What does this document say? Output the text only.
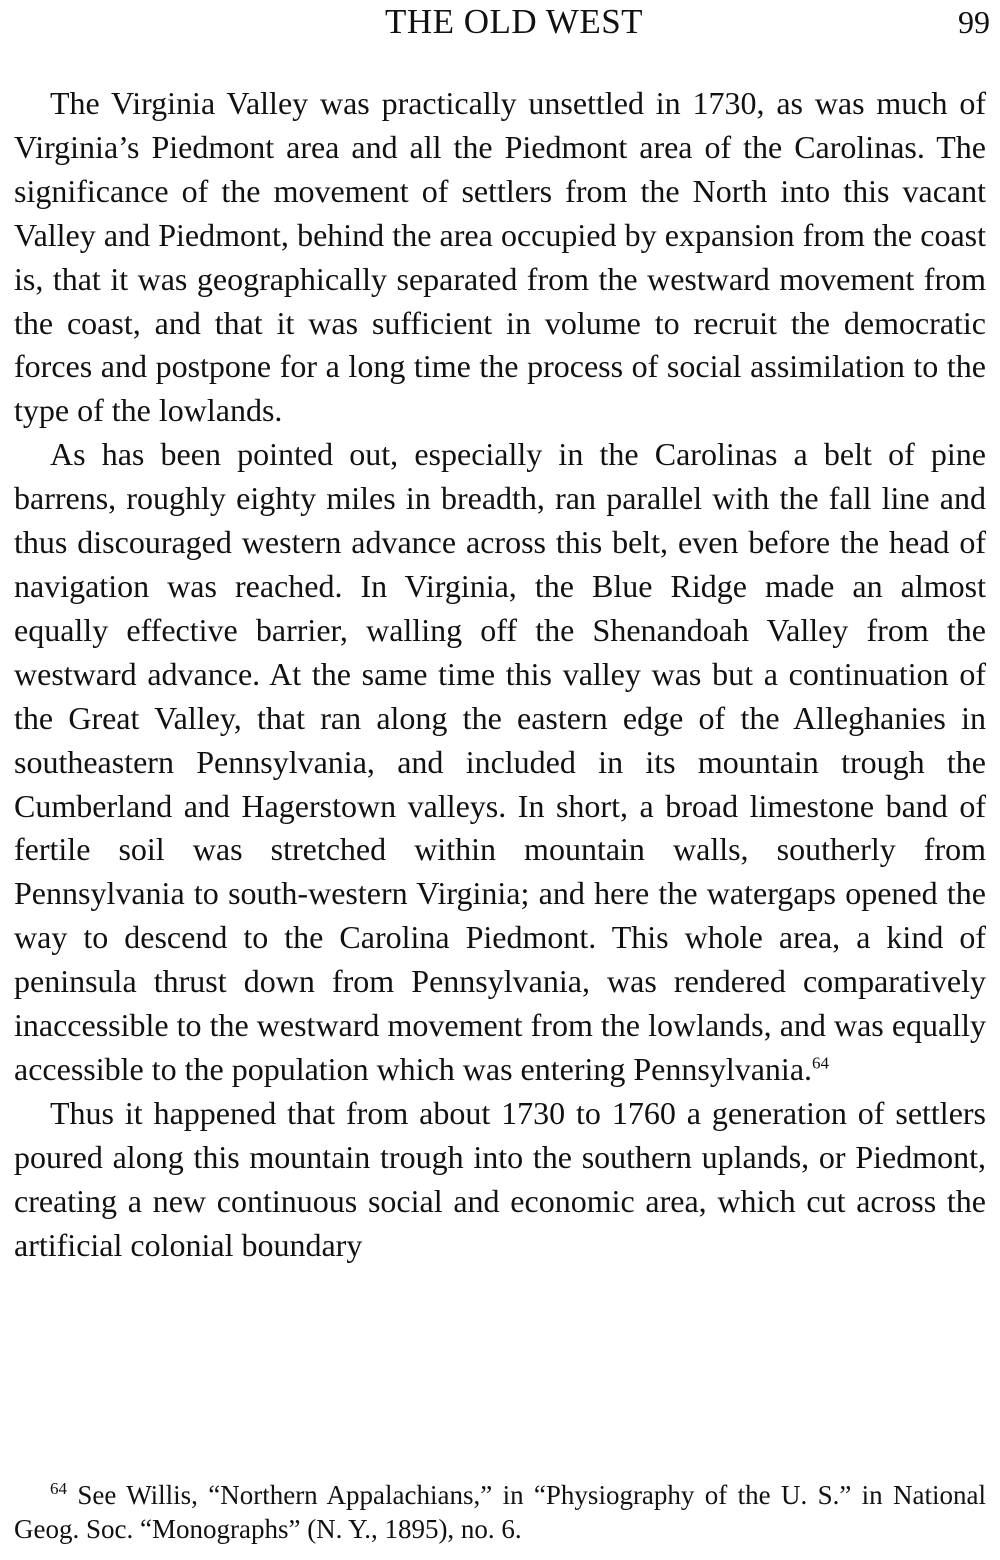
THE OLD WEST	99

The Virginia Valley was practically unsettled in 1730, as was much of Virginia’s Piedmont area and all the Piedmont area of the Carolinas. The significance of the movement of settlers from the North into this vacant Valley and Piedmont, behind the area occupied by expansion from the coast is, that it was geographically separated from the westward movement from the coast, and that it was sufficient in volume to recruit the democratic forces and postpone for a long time the process of social assimilation to the type of the lowlands.

As has been pointed out, especially in the Carolinas a belt of pine barrens, roughly eighty miles in breadth, ran parallel with the fall line and thus discouraged western advance across this belt, even before the head of navigation was reached. In Virginia, the Blue Ridge made an almost equally effective barrier, walling off the Shenandoah Valley from the westward advance. At the same time this valley was but a continuation of the Great Valley, that ran along the eastern edge of the Alleghanies in southeastern Pennsylvania, and included in its mountain trough the Cumberland and Hagerstown valleys. In short, a broad limestone band of fertile soil was stretched within mountain walls, southerly from Pennsylvania to south-western Virginia; and here the watergaps opened the way to descend to the Carolina Piedmont. This whole area, a kind of peninsula thrust down from Pennsylvania, was rendered comparatively inaccessible to the westward movement from the lowlands, and was equally accessible to the population which was entering Pennsylvania.$^{64}$

Thus it happened that from about 1730 to 1760 a generation of settlers poured along this mountain trough into the southern uplands, or Piedmont, creating a new continuous social and economic area, which cut across the artificial colonial boundary

$^{64}$ See Willis, “Northern Appalachians,” in “Physiography of the U. S.” in National Geog. Soc. “Monographs” (N. Y., 1895), no. 6.
